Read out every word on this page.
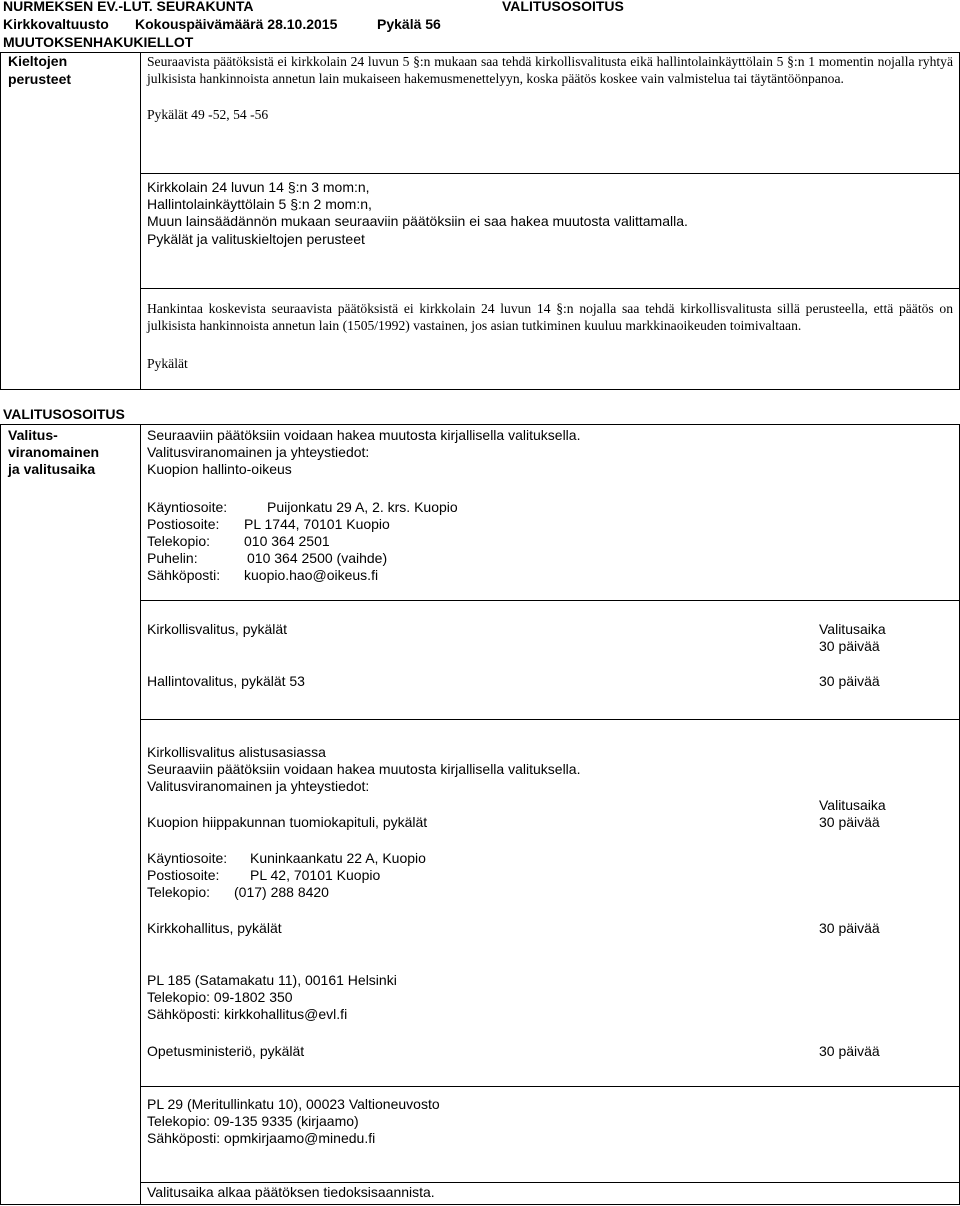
NURMEKSEN EV.-LUT. SEURAKUNTA	VALITUSOSOITUS
Kirkkovaltuusto Kokouspäivämäärä 28.10.2015	Pykälä 56
MUUTOKSENHAKUKIELLOT
Kieltojen
perusteet
Seuraavista päätöksistä ei kirkkolain 24 luvun 5 §:n mukaan saa tehdä kirkollisvalitusta eikä hallintolainkäyttölain 5 §:n 1 momentin nojalla ryhtyä julkisista hankinnoista annetun lain mukaiseen hakemusmenettelyyn, koska päätös koskee vain valmistelua tai täytäntöönpanoa.
Pykälät 49 -52, 54 -56
Kirkkolain 24 luvun 14 §:n 3 mom:n,
Hallintolainkäyttölain 5 §:n 2 mom:n,
Muun lainsäädännön mukaan seuraaviin päätöksiin ei saa hakea muutosta valittamalla.
Pykälät ja valituskieltojen perusteet
Hankintaa koskevista seuraavista päätöksistä ei kirkkolain 24 luvun 14 §:n nojalla saa tehdä kirkollisvalitusta sillä perusteella, että päätös on julkisista hankinnoista annetun lain (1505/1992) vastainen, jos asian tutkiminen kuuluu markkinaoikeuden toimivaltaan.
Pykälät
VALITUSOSOITUS
Valitus-
viranomainen
ja valitusaika
Seuraaviin päätöksiin voidaan hakea muutosta kirjallisella valituksella.
Valitusviranomainen ja yhteystiedot:
Kuopion hallinto-oikeus
Käyntiosoite:	Puijonkatu 29 A, 2. krs. Kuopio
Postiosoite: PL 1744, 70101 Kuopio
Telekopio: 010 364 2501
Puhelin:	010 364 2500 (vaihde)
Sähköposti: kuopio.hao@oikeus.fi
Kirkollisvalitus, pykälät	Valitusaika
30 päivää
Hallintovalitus, pykälät 53	30 päivää
Kirkollisvalitus alistusasiassa
Seuraaviin päätöksiin voidaan hakea muutosta kirjallisella valituksella.
Valitusviranomainen ja yhteystiedot:
Valitusaika
Kuopion hiippakunnan tuomiokapituli, pykälät	30 päivää
Käyntiosoite: Kuninkaankatu 22 A, Kuopio
Postiosoite: PL 42, 70101 Kuopio
Telekopio: (017) 288 8420
Kirkkohallitus, pykälät	30 päivää
PL 185 (Satamakatu 11), 00161 Helsinki
Telekopio: 09-1802 350
Sähköposti: kirkkohallitus@evl.fi
Opetusministeriö, pykälät	30 päivää
PL 29 (Meritullinkatu 10), 00023 Valtioneuvosto
Telekopio: 09-135 9335 (kirjaamo)
Sähköposti: opmkirjaamo@minedu.fi
Valitusaika alkaa päätöksen tiedoksisaannista.
